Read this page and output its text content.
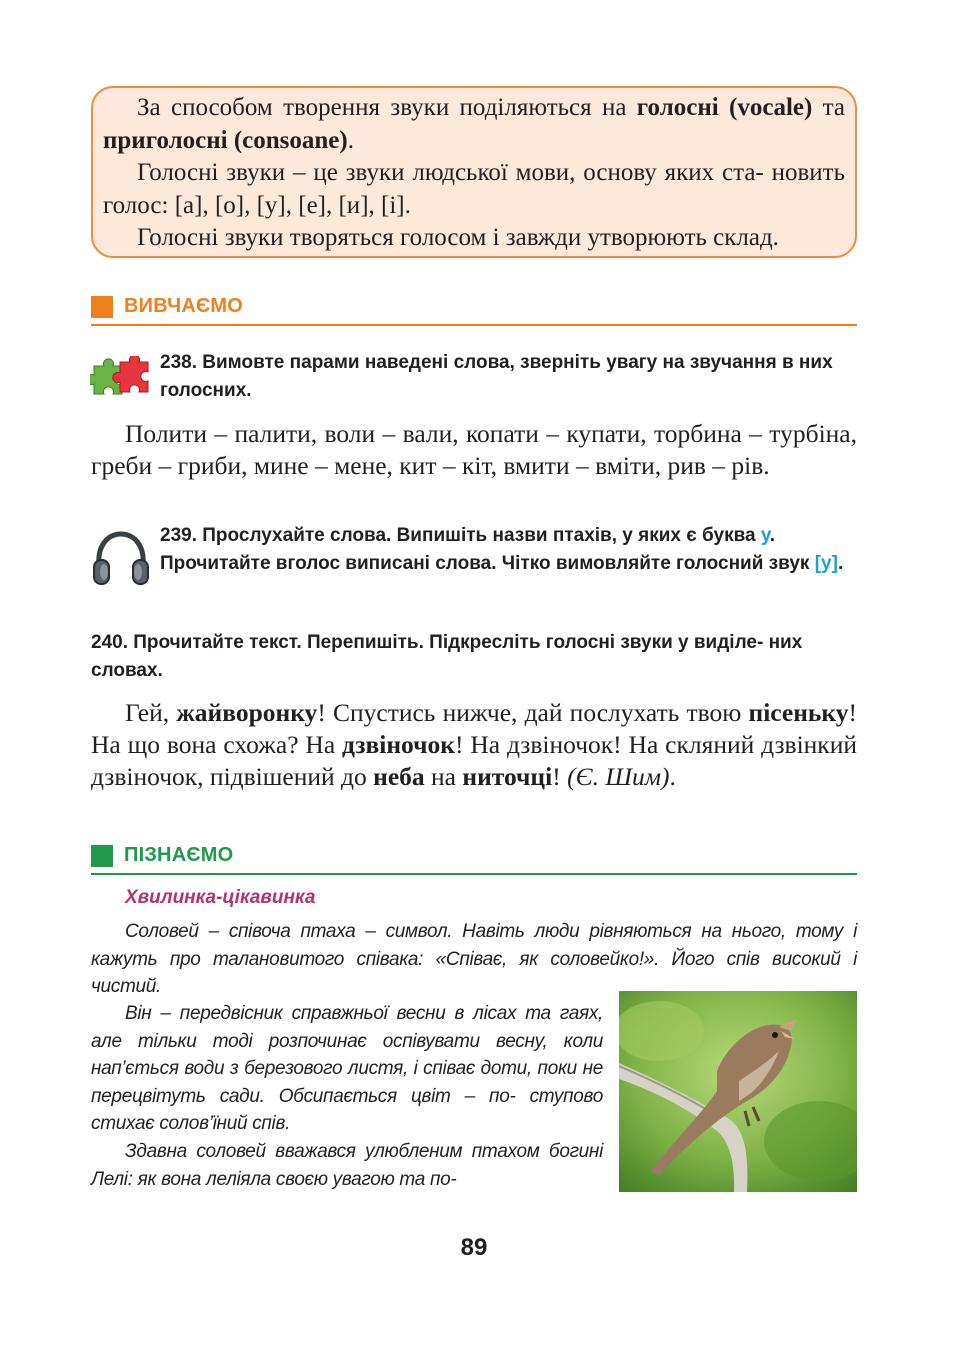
За способом творення звуки поділяються на голосні (vocale) та приголосні (consoane).

Голосні звуки – це звуки людської мови, основу яких ста- новить голос: [а], [о], [у], [е], [и], [і].

Голосні звуки творяться голосом і завжди утворюють склад.

ВИВЧАЄМО

238. Вимовте парами наведені слова, зверніть увагу на звучання в них голосних.

Полити – палити, воли – вали, копати – купати, торбина – турбіна, греби – гриби, мине – мене, кит – кіт, вмити – вміти, рив – рів.

239. Прослухайте слова. Випишіть назви птахів, у яких є буква у. Прочитайте вголос виписані слова. Чітко вимовляйте голосний звук [у].

240. Прочитайте текст. Перепишіть. Підкресліть голосні звуки у виділе- них словах.

Гей, жайворонку! Спустись нижче, дай послухать твою пісеньку! На що вона схожа? На дзвіночок! На дзвіночок! На скляний дзвінкий дзвіночок, підвішений до неба на ниточці! (Є. Шим).

ПІЗНАЄМО
Хвилинка-цікавинка

Соловей – співоча птаха – символ. Навіть люди рівняються на нього, тому і кажуть про талановитого співака: «Співає, як соловейко!». Його спів високий і чистий.

Він – передвісник справжньої весни в лісах та гаях, але тільки тоді розпочинає оспівувати весну, коли нап’ється води з березового листя, і співає доти, поки не перецвітуть сади. Обсипається цвіт – по- ступово стихає солов’їний спів.

Здавна соловей вважався улюбленим птахом богині Лелі: як вона леліяла своєю увагою та по-

89
